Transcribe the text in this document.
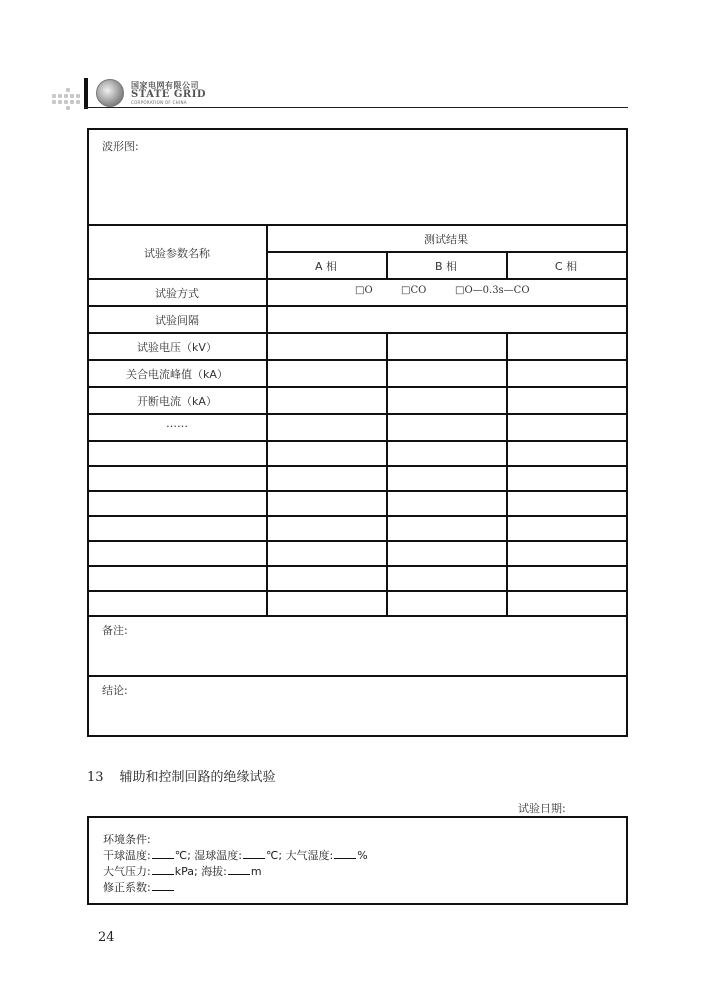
国家电网有限公司
STATE GRID
CORPORATION OF CHINA
波形图:
试验参数名称
测试结果
A 相	B 相	C 相
试验方式	□O	□CO	□O—0.3s—CO
试验间隔
试验电压（kV）
关合电流峰值（kA）
开断电流（kA）
……
备注:
结论:
13 辅助和控制回路的绝缘试验
试验日期:
环境条件:
干球温度: ℃; 湿球温度: ℃; 大气湿度: %
大气压力: kPa; 海拔: m
修正系数:
24
